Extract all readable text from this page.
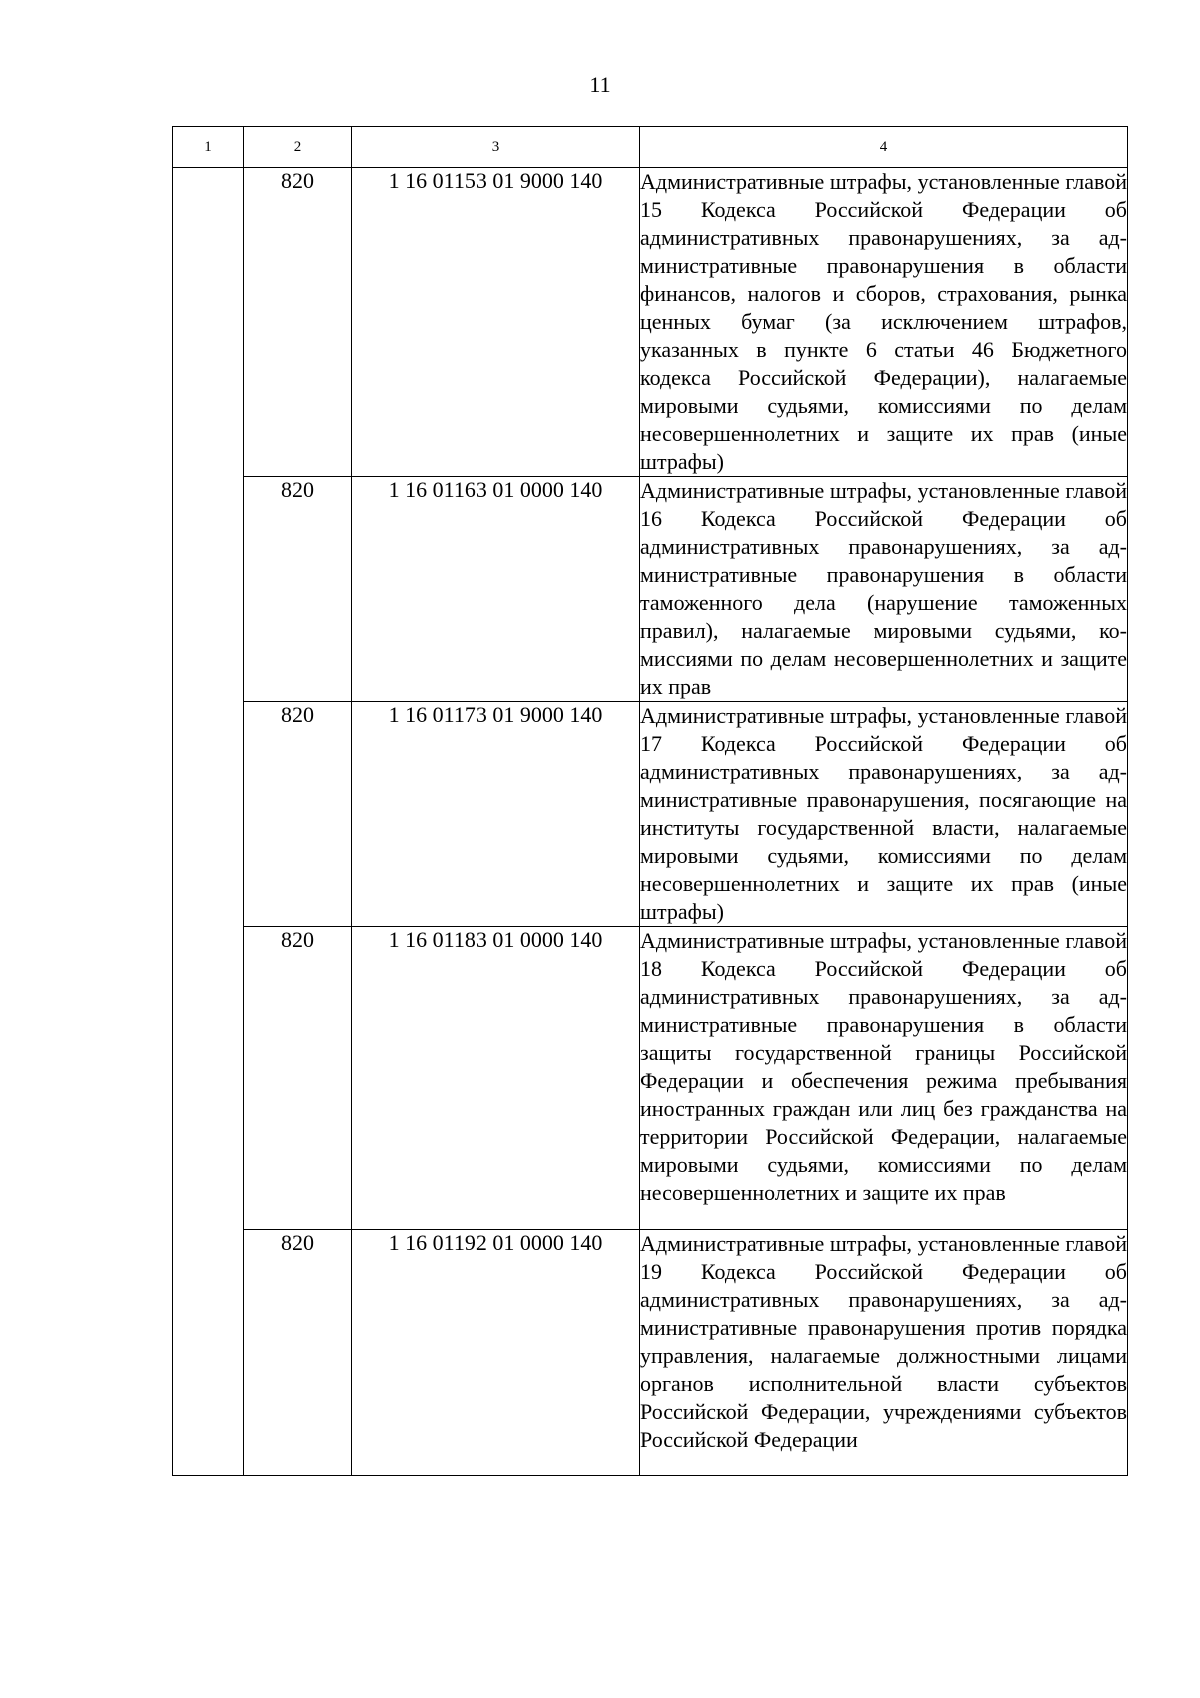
11
1	2	3	4
	820	1 16 01153 01 9000 140	Административные штрафы, установленные главой 15 Кодекса Российской Федерации об административных правонарушениях, за административные правонарушения в области финансов, налогов и сборов, страхования, рынка ценных бумаг (за исключением штрафов, указанных в пункте 6 статьи 46 Бюджетного кодекса Российской Федерации), налагаемые мировыми судьями, комиссиями по делам несовершеннолетних и защите их прав (иные штрафы)

	820	1 16 01163 01 0000 140	Административные штрафы, установленные главой 16 Кодекса Российской Федерации об административных правонарушениях, за административные правонарушения в области таможенного дела (нарушение таможенных правил), налагаемые мировыми судьями, комиссиями по делам несовершеннолетних и защите их прав

	820	1 16 01173 01 9000 140	Административные штрафы, установленные главой 17 Кодекса Российской Федерации об административных правонарушениях, за административные правонарушения, посягающие на институты государственной власти, налагаемые мировыми судьями, комиссиями по делам несовершеннолетних и защите их прав (иные штрафы)

	820	1 16 01183 01 0000 140	Административные штрафы, установленные главой 18 Кодекса Российской Федерации об административных правонарушениях, за административные правонарушения в области защиты государственной границы Российской Федерации и обеспечения режима пребывания иностранных граждан или лиц без гражданства на территории Российской Федерации, налагаемые мировыми судьями, комиссиями по делам несовершеннолетних и защите их прав

	820	1 16 01192 01 0000 140	Административные штрафы, установленные главой 19 Кодекса Российской Федерации об административных правонарушениях, за административные правонарушения против порядка управления, налагаемые должностными лицами органов исполнительной власти субъектов Российской Федерации, учреждениями субъектов Российской Федерации
